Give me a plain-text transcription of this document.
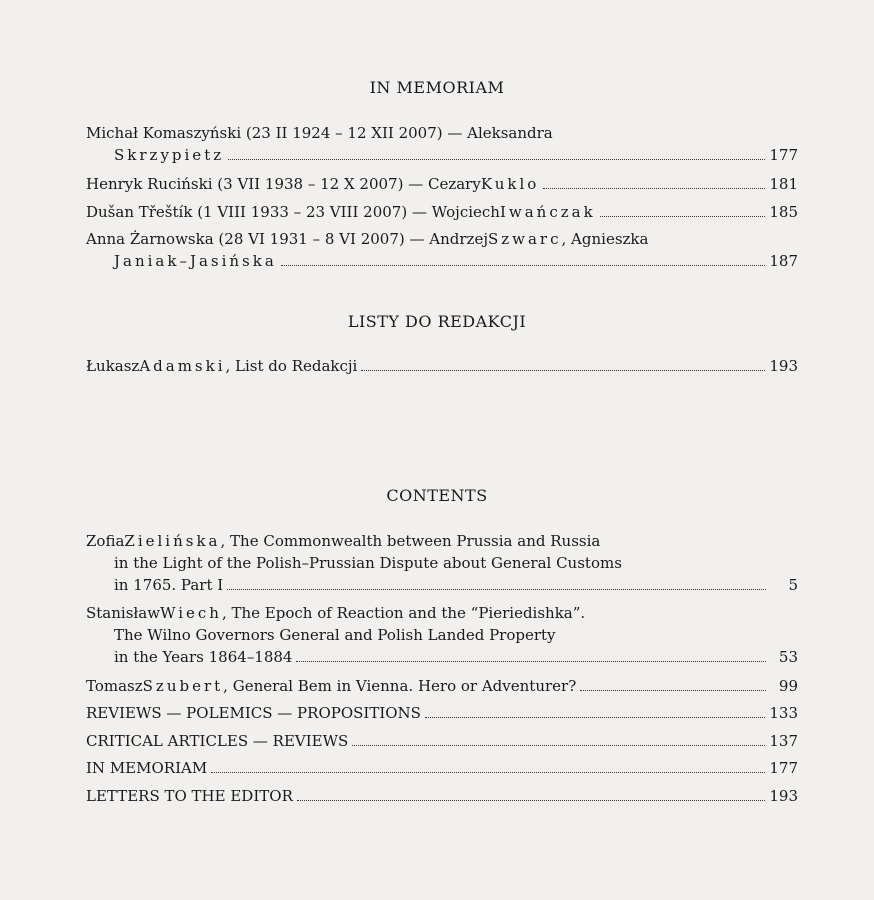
IN MEMORIAM
Michał Komaszyński (23 II 1924 – 12 XII 2007) — Aleksandra
Skrzypietz	177
Henryk Ruciński (3 VII 1938 – 12 X 2007) — Cezary Kuklo	181
Dušan Třeštík (1 VIII 1933 – 23 VIII 2007) — Wojciech Iwańczak	185
Anna Żarnowska (28 VI 1931 – 8 VI 2007) — Andrzej Szwarc , Agnieszka
Janiak–Jasińska	187
LISTY DO REDAKCJI
Łukasz Adamski , List do Redakcji	193
CONTENTS
Zofia Zielińska , The Commonwealth between Prussia and Russia
in the Light of the Polish–Prussian Dispute about General Customs
in 1765. Part I	5
Stanisław Wiech , The Epoch of Reaction and the “Pieriedishka”.
The Wilno Governors General and Polish Landed Property
in the Years 1864–1884	53
Tomasz Szubert , General Bem in Vienna. Hero or Adventurer?	99
REVIEWS — POLEMICS — PROPOSITIONS	133
CRITICAL ARTICLES — REVIEWS	137
IN MEMORIAM	177
LETTERS TO THE EDITOR	193
